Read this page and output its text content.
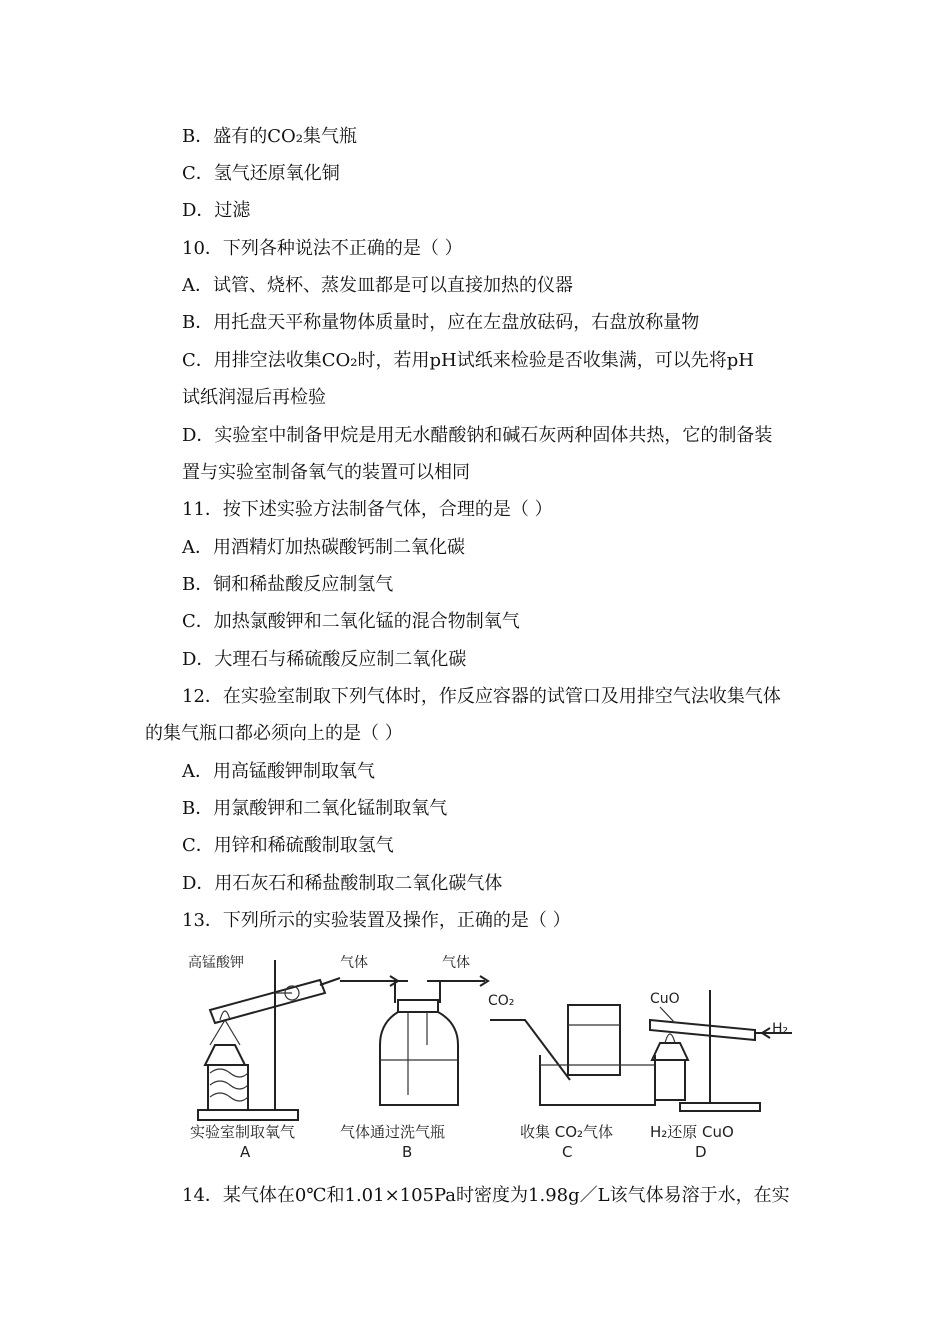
B．盛有的CO₂集气瓶
C．氢气还原氧化铜
D．过滤
10．下列各种说法不正确的是（ ）
A．试管、烧杯、蒸发皿都是可以直接加热的仪器
B．用托盘天平称量物体质量时，应在左盘放砝码，右盘放称量物
C．用排空法收集CO₂时，若用pH试纸来检验是否收集满，可以先将pH
试纸润湿后再检验
D．实验室中制备甲烷是用无水醋酸钠和碱石灰两种固体共热，它的制备装
置与实验室制备氧气的装置可以相同
11．按下述实验方法制备气体，合理的是（ ）
A．用酒精灯加热碳酸钙制二氧化碳
B．铜和稀盐酸反应制氢气
C．加热氯酸钾和二氧化锰的混合物制氧气
D．大理石与稀硫酸反应制二氧化碳
12．在实验室制取下列气体时，作反应容器的试管口及用排空气法收集气体
的集气瓶口都必须向上的是（ ）
A．用高锰酸钾制取氧气
B．用氯酸钾和二氧化锰制取氧气
C．用锌和稀硫酸制取氢气
D．用石灰石和稀盐酸制取二氧化碳气体
13．下列所示的实验装置及操作，正确的是（ ）
14．某气体在0℃和1.01×105Pa时密度为1.98g／L该气体易溶于水，在实
高锰酸钾
实验室制取氧气
A
气体	气体
气体通过洗气瓶
B
CO₂
收集 CO₂气体
C
CuO
H₂
H₂还原 CuO
D
